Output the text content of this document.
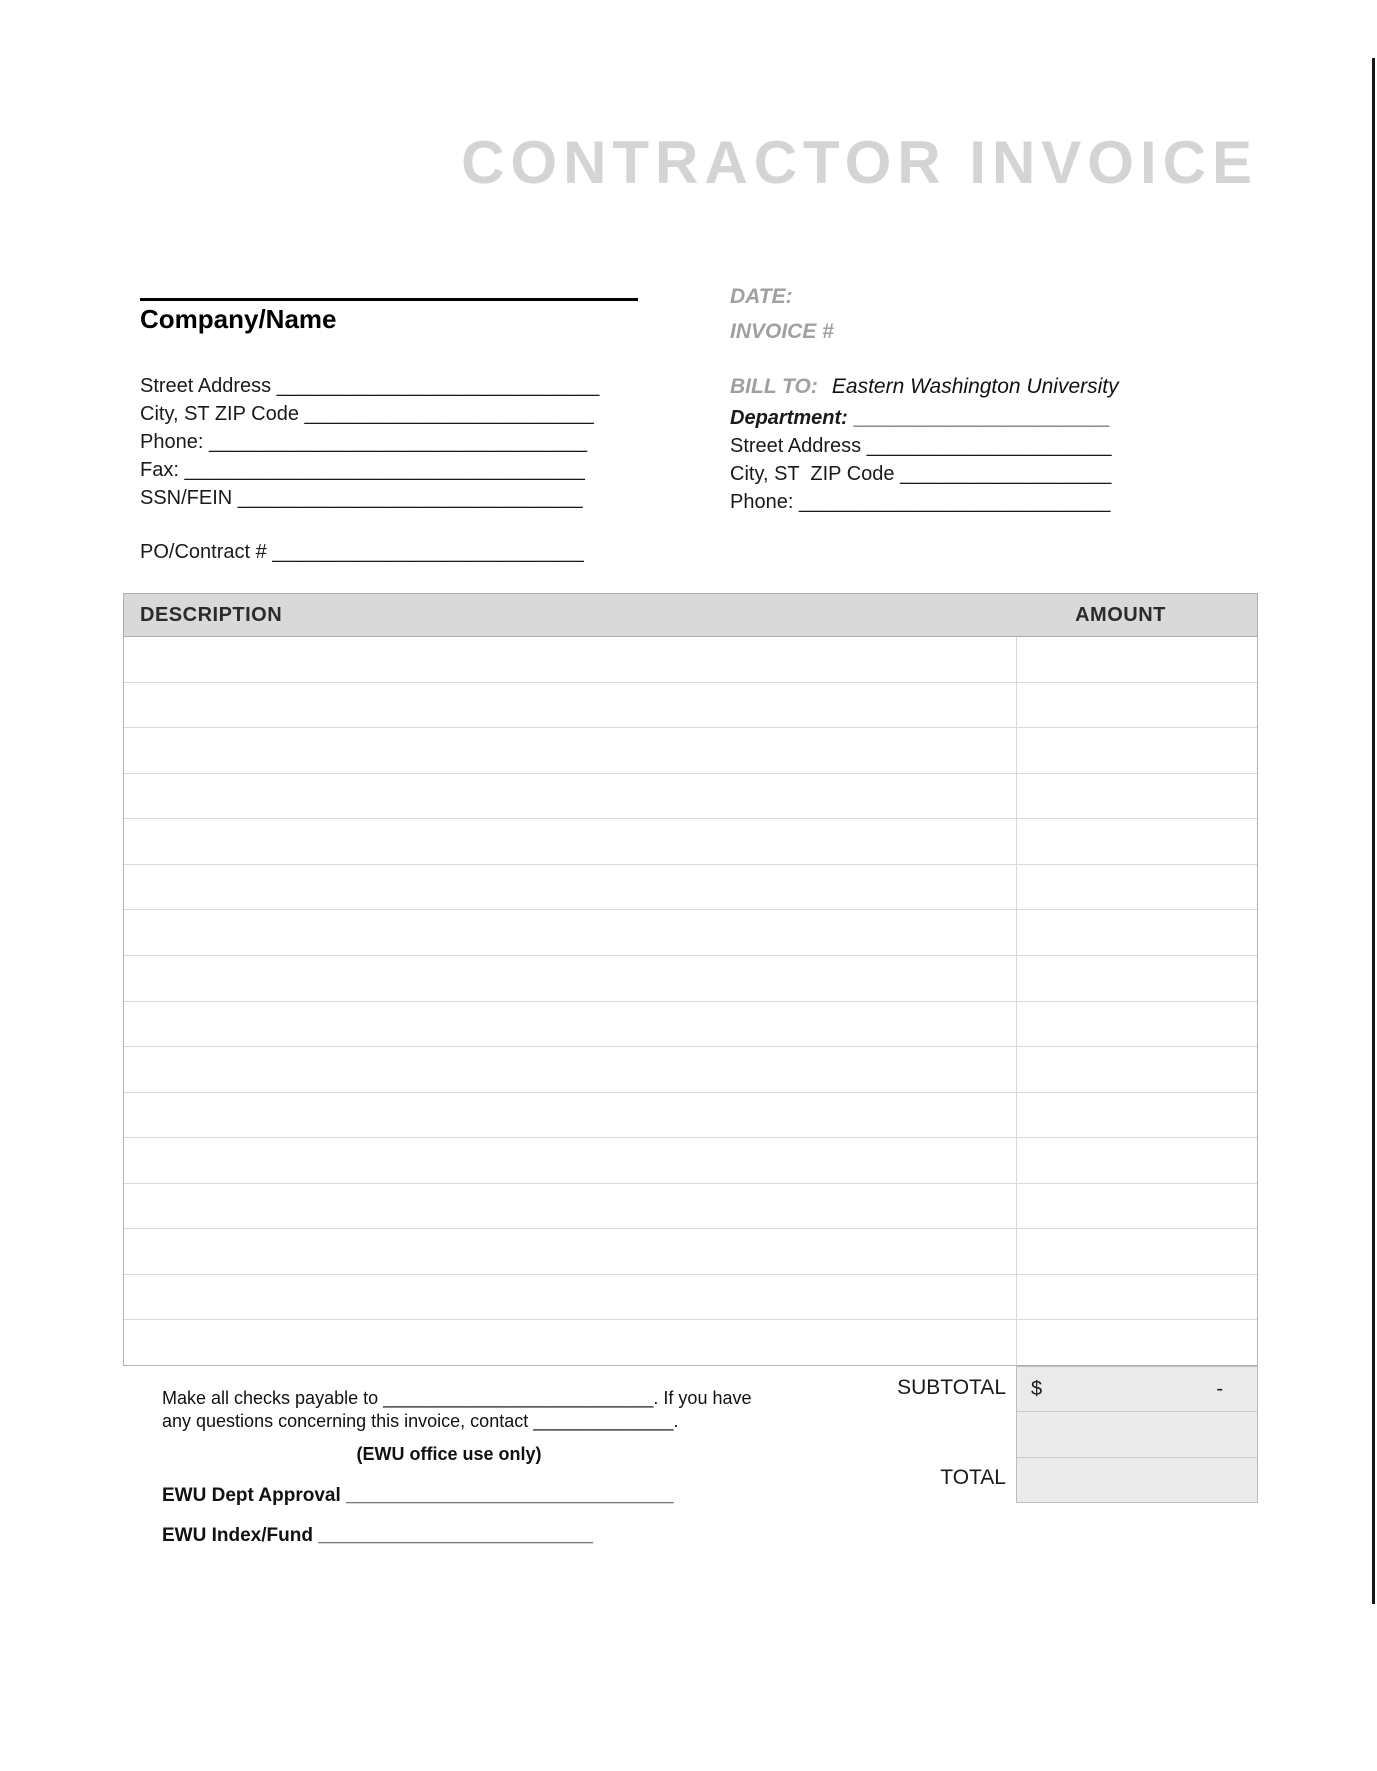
CONTRACTOR INVOICE
Company/Name
Street Address _____________________________
City, ST ZIP Code __________________________
Phone: __________________________________
Fax: ____________________________________
SSN/FEIN _______________________________
PO/Contract # ____________________________
DATE:
INVOICE #
BILL TO: Eastern Washington University
Department: _______________________
Street Address ______________________
City, ST  ZIP Code ___________________
Phone: ____________________________
DESCRIPTION	AMOUNT
SUBTOTAL
TOTAL
$	-
Make all checks payable to ___________________________. If you have
any questions concerning this invoice, contact ______________.
(EWU office use only)
EWU Dept Approval _______________________________
EWU Index/Fund __________________________
